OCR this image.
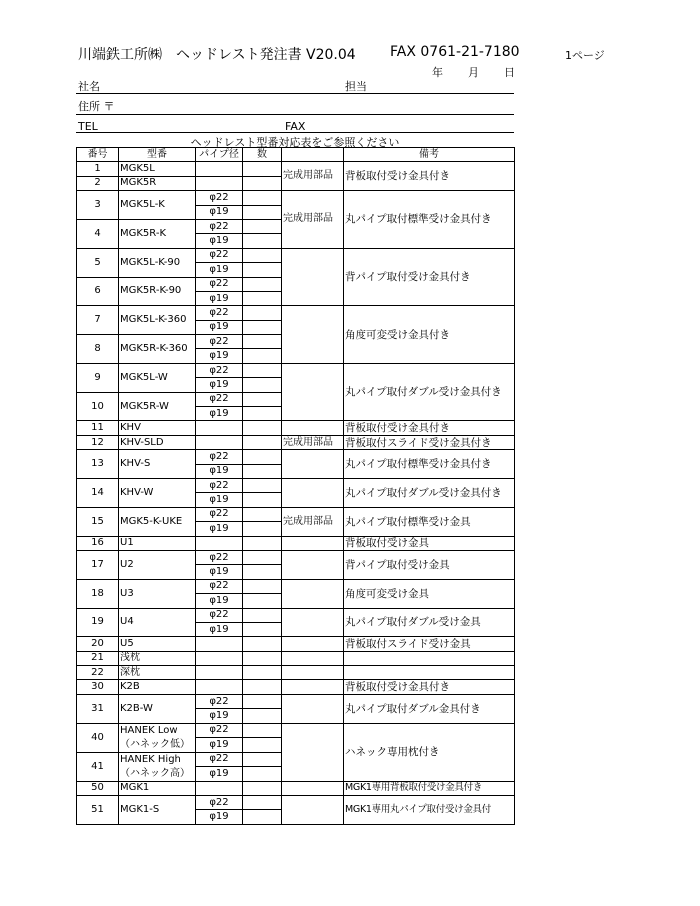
川端鉄工所㈱　ヘッドレスト発注書 V20.04 FAX 0761-21-7180	1ページ
年 月 日
社名	担当
住所 〒
TEL	FAX
ヘッドレスト型番対応表をご参照ください
番号	型番	パイプ径	数		備考
1	MGK5L			完成用部品	背板取付受け金具付き
2	MGK5R				
3	MGK5L-K	φ22		完成用部品	丸パイプ取付標準受け金具付き
		φ19			
4	MGK5R-K	φ22			
		φ19			
5	MGK5L-K-90	φ22			背パイプ取付受け金具付き
		φ19			
6	MGK5R-K-90	φ22			
		φ19			
7	MGK5L-K-360	φ22			角度可変受け金具付き
		φ19			
8	MGK5R-K-360	φ22			
		φ19			
9	MGK5L-W	φ22			丸パイプ取付ダブル受け金具付き
		φ19			
10	MGK5R-W	φ22			
		φ19			
11	KHV				背板取付受け金具付き
12	KHV-SLD			完成用部品	背板取付スライド受け金具付き
13	KHV-S	φ22			丸パイプ取付標準受け金具付き
		φ19			
14	KHV-W	φ22			丸パイプ取付ダブル受け金具付き
		φ19			
15	MGK5-K-UKE	φ22		完成用部品	丸パイプ取付標準受け金具
		φ19			
16	U1				背板取付受け金具
17	U2	φ22			背パイプ取付受け金具
		φ19			
18	U3	φ22			角度可変受け金具
		φ19			
19	U4	φ22			丸パイプ取付ダブル受け金具
		φ19			
20	U5				背板取付スライド受け金具
21	浅枕				
22	深枕				
30	K2B				背板取付受け金具付き
31	K2B-W	φ22			丸パイプ取付ダブル金具付き
		φ19			
40	HANEK Low
（ハネック低）	φ22			ハネック専用枕付き
		φ19			
41	HANEK High
（ハネック高）	φ22			
		φ19			
50	MGK1				MGK1専用背板取付受け金具付き
51	MGK1-S	φ22			MGK1専用丸パイプ取付受け金具付
		φ19			
